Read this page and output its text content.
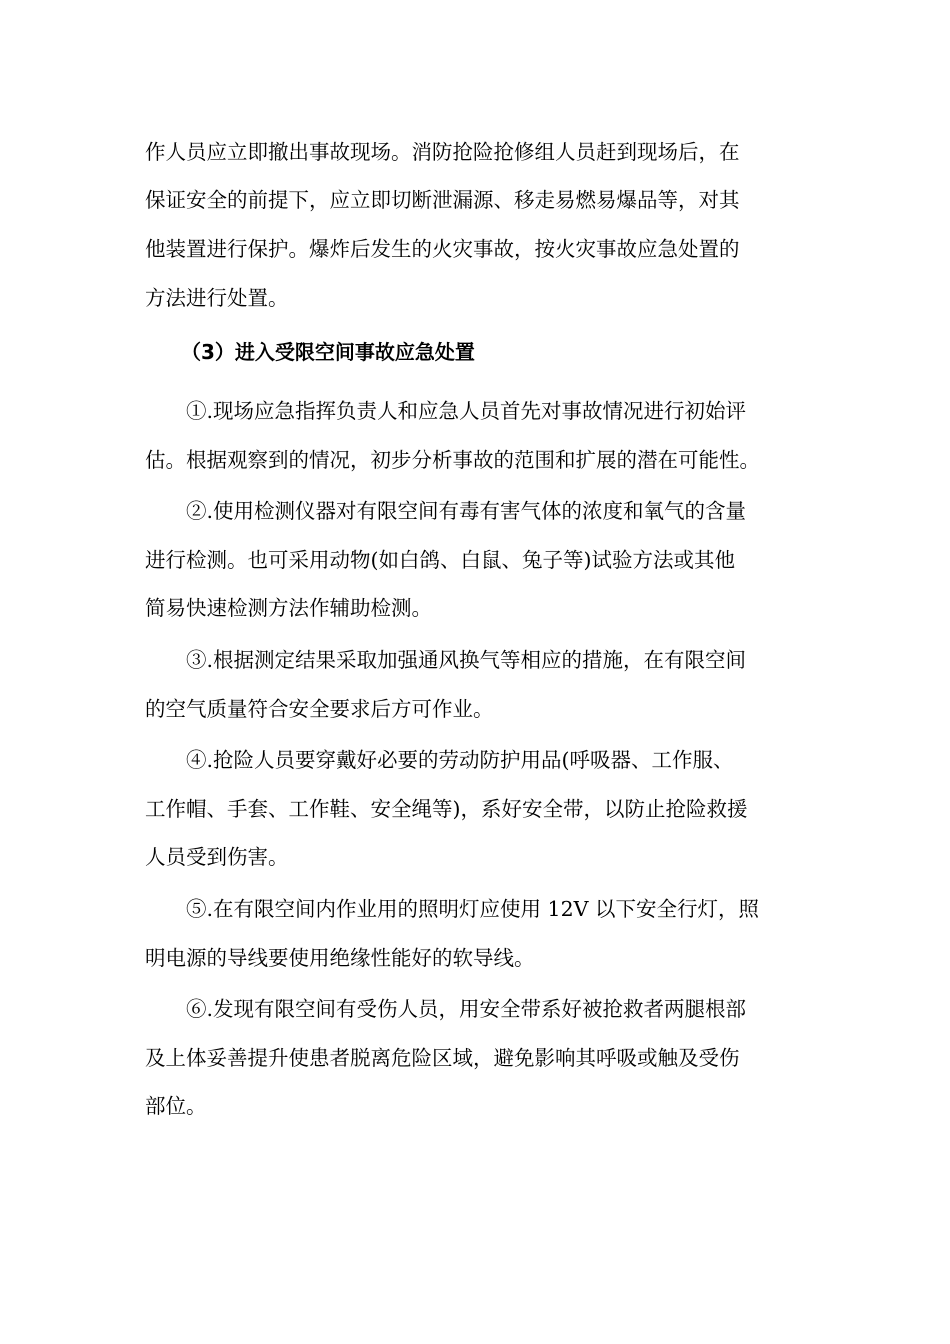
作人员应立即撤出事故现场。消防抢险抢修组人员赶到现场后，在
保证安全的前提下，应立即切断泄漏源、移走易燃易爆品等，对其
他装置进行保护。爆炸后发生的火灾事故，按火灾事故应急处置的
方法进行处置。
（3）进入受限空间事故应急处置
①.现场应急指挥负责人和应急人员首先对事故情况进行初始评
估。根据观察到的情况，初步分析事故的范围和扩展的潜在可能性。
②.使用检测仪器对有限空间有毒有害气体的浓度和氧气的含量
进行检测。也可采用动物(如白鸽、白鼠、兔子等)试验方法或其他
简易快速检测方法作辅助检测。
③.根据测定结果采取加强通风换气等相应的措施，在有限空间
的空气质量符合安全要求后方可作业。
④.抢险人员要穿戴好必要的劳动防护用品(呼吸器、工作服、
工作帽、手套、工作鞋、安全绳等)，系好安全带，以防止抢险救援
人员受到伤害。
⑤.在有限空间内作业用的照明灯应使用 12V 以下安全行灯，照
明电源的导线要使用绝缘性能好的软导线。
⑥.发现有限空间有受伤人员，用安全带系好被抢救者两腿根部
及上体妥善提升使患者脱离危险区域，避免影响其呼吸或触及受伤
部位。
